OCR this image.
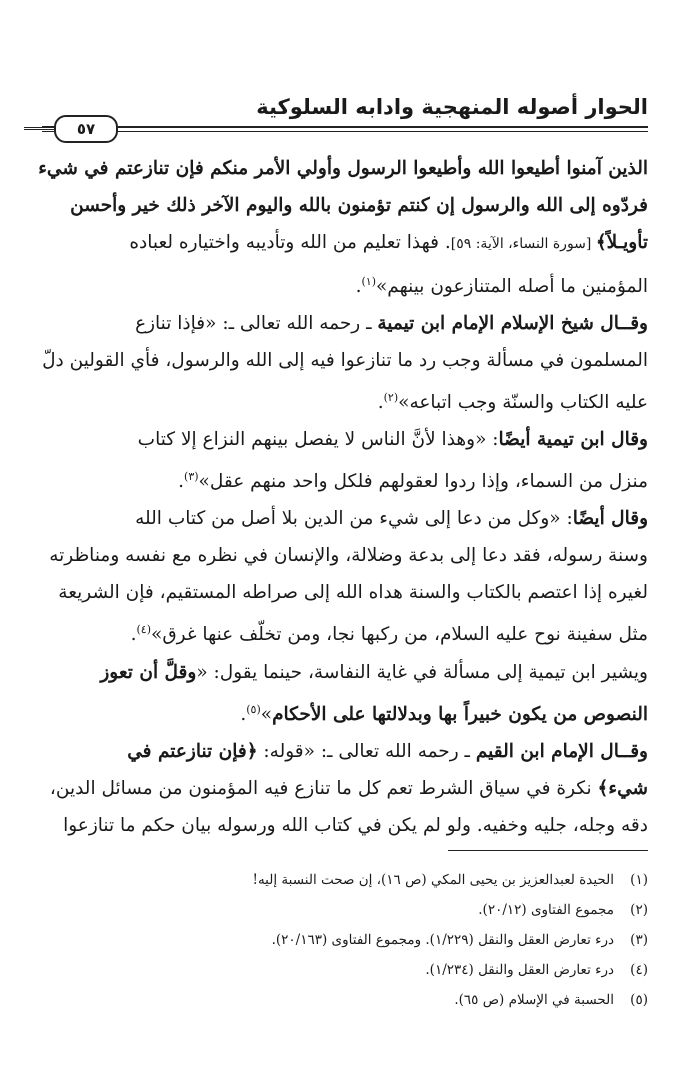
الحوار أصوله المنهجية وادابه السلوكية
٥٧

الذين آمنوا أطيعوا الله وأطيعوا الرسول وأولي الأمر منكم فإن تنازعتم في شيء
فردّوه إلى الله والرسول إن كنتم تؤمنون بالله واليوم الآخر ذلك خير وأحسن
تأويـلاً﴾ [سورة النساء، الآية: ٥٩]. فهذا تعليم من الله وتأديبه واختياره لعباده
المؤمنين ما أصله المتنازعون بينهم»$^{(١)}$.

وقــال شيخ الإسلام الإمام ابن تيمية ـ رحمه الله تعالى ـ: «فإذا تنازع
المسلمون في مسألة وجب رد ما تنازعوا فيه إلى الله والرسول، فأي القولين دلّ
عليه الكتاب والسنّة وجب اتباعه»$^{(٢)}$.

وقال ابن تيمية أيضًا: «وهذا لأنَّ الناس لا يفصل بينهم النزاع إلا كتاب
منزل من السماء، وإذا ردوا لعقولهم فلكل واحد منهم عقل»$^{(٣)}$.

وقال أيضًا: «وكل من دعا إلى شيء من الدين بلا أصل من كتاب الله
وسنة رسوله، فقد دعا إلى بدعة وضلالة، والإنسان في نظره مع نفسه ومناظرته
لغيره إذا اعتصم بالكتاب والسنة هداه الله إلى صراطه المستقيم، فإن الشريعة
مثل سفينة نوح عليه السلام، من ركبها نجا، ومن تخلّف عنها غرق»$^{(٤)}$.

ويشير ابن تيمية إلى مسألة في غاية النفاسة، حينما يقول: «وقلَّ أن تعوز
النصوص من يكون خبيراً بها وبدلالتها على الأحكام»$^{(٥)}$.

وقــال الإمام ابن القيم ـ رحمه الله تعالى ـ: «قوله: ﴿فإن تنازعتم في
شيء﴾ نكرة في سياق الشرط تعم كل ما تنازع فيه المؤمنون من مسائل الدين،
دقه وجله، جليه وخفيه. ولو لم يكن في كتاب الله ورسوله بيان حكم ما تنازعوا

(١)الحيدة لعبدالعزيز بن يحيى المكي (ص ١٦)، إن صحت النسبة إليه!
(٢)مجموع الفتاوى (٢٠/١٢).
(٣)درء تعارض العقل والنقل (١/٢٢٩). ومجموع الفتاوى (٢٠/١٦٣).
(٤)درء تعارض العقل والنقل (١/٢٣٤).
(٥)الحسبة في الإسلام (ص ٦٥).
